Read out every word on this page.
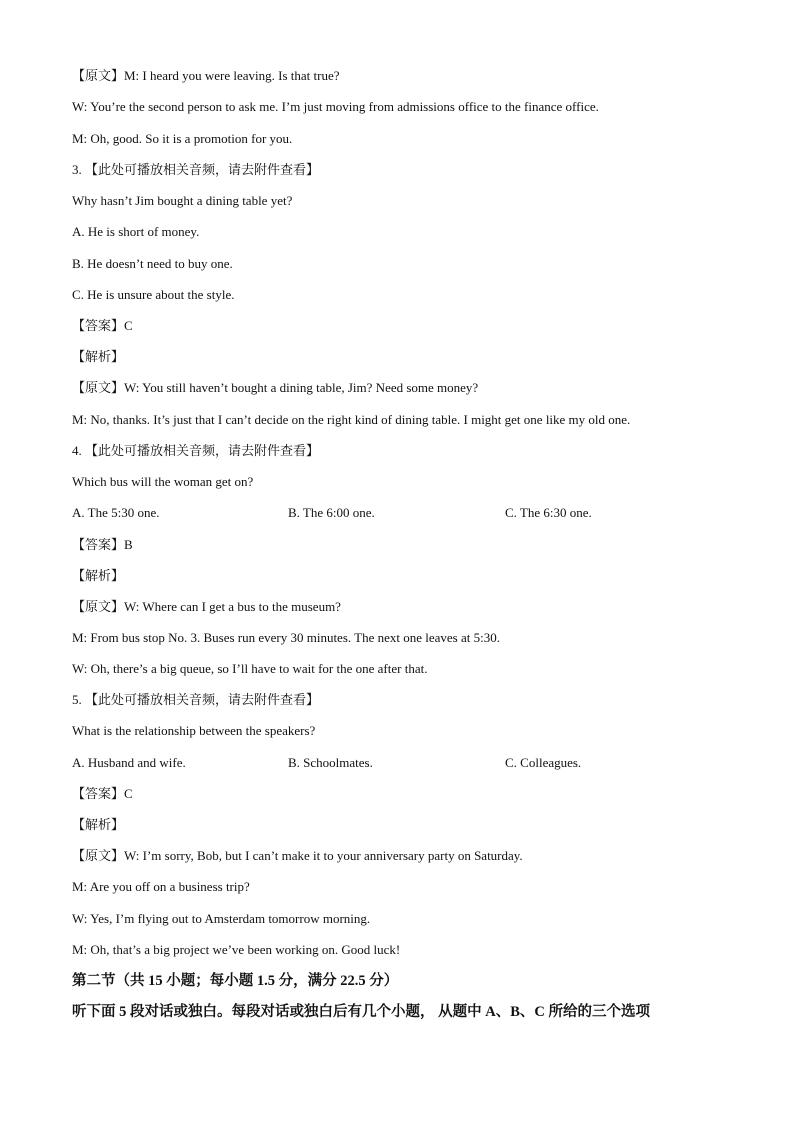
【原文】M: I heard you were leaving. Is that true?
W: You’re the second person to ask me. I’m just moving from admissions office to the finance office.
M: Oh, good. So it is a promotion for you.
3. 【此处可播放相关音频，请去附件查看】
Why hasn’t Jim bought a dining table yet?
A. He is short of money.
B. He doesn’t need to buy one.
C. He is unsure about the style.
【答案】C
【解析】
【原文】W: You still haven’t bought a dining table, Jim? Need some money?
M: No, thanks. It’s just that I can’t decide on the right kind of dining table. I might get one like my old one.
4. 【此处可播放相关音频，请去附件查看】
Which bus will the woman get on?
A. The 5:30 one.	B. The 6:00 one.	C. The 6:30 one.
【答案】B
【解析】
【原文】W: Where can I get a bus to the museum?
M: From bus stop No. 3. Buses run every 30 minutes. The next one leaves at 5:30.
W: Oh, there’s a big queue, so I’ll have to wait for the one after that.
5. 【此处可播放相关音频，请去附件查看】
What is the relationship between the speakers?
A. Husband and wife.	B. Schoolmates.	C. Colleagues.
【答案】C
【解析】
【原文】W: I’m sorry, Bob, but I can’t make it to your anniversary party on Saturday.
M: Are you off on a business trip?
W: Yes, I’m flying out to Amsterdam tomorrow morning.
M: Oh, that’s a big project we’ve been working on. Good luck!
第二节（共 15 小题；每小题 1.5 分，满分 22.5 分）
听下面 5 段对话或独白。每段对话或独白后有几个小题， 从题中 A、B、C 所给的三个选项
